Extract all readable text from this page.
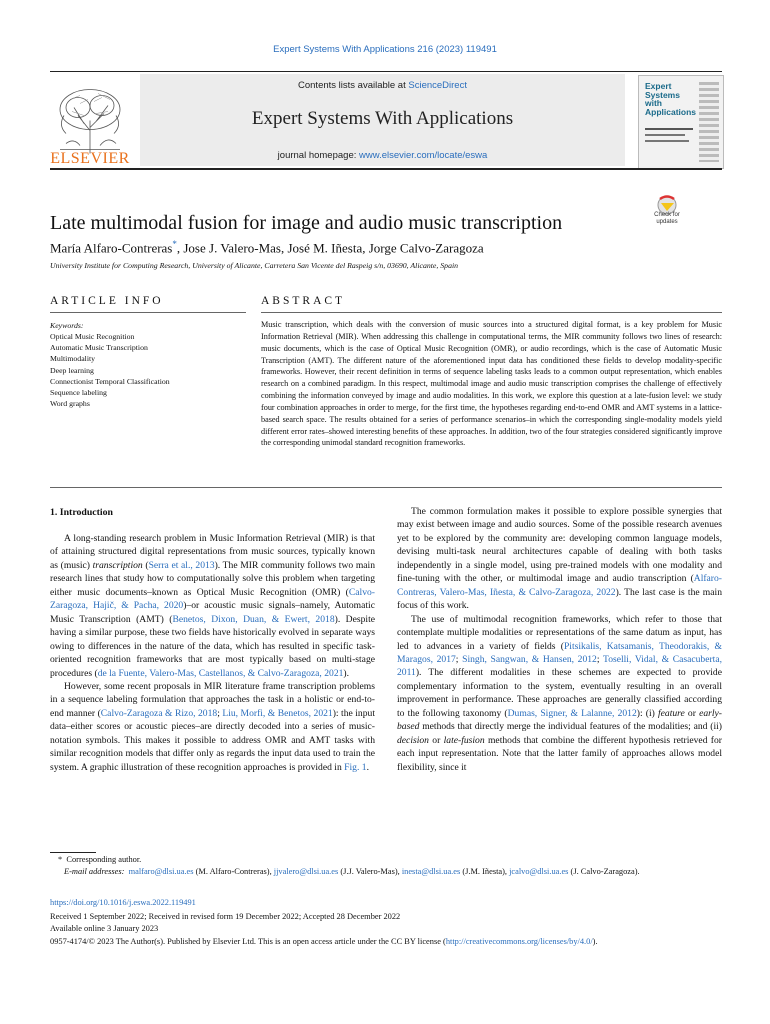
Expert Systems With Applications 216 (2023) 119491
ELSEVIER
Contents lists available at ScienceDirect
Expert Systems With Applications
journal homepage: www.elsevier.com/locate/eswa
Expert Systems with Applications
Check for updates
Late multimodal fusion for image and audio music transcription
María Alfaro-Contreras*, Jose J. Valero-Mas, José M. Iñesta, Jorge Calvo-Zaragoza
University Institute for Computing Research, University of Alicante, Carretera San Vicente del Raspeig s/n, 03690, Alicante, Spain
ARTICLE INFO	ABSTRACT
Keywords:
Optical Music Recognition
Automatic Music Transcription
Multimodality
Deep learning
Connectionist Temporal Classification
Sequence labeling
Word graphs
Music transcription, which deals with the conversion of music sources into a structured digital format, is a key problem for Music Information Retrieval (MIR). When addressing this challenge in computational terms, the MIR community follows two lines of research: music documents, which is the case of Optical Music Recognition (OMR), or audio recordings, which is the case of Automatic Music Transcription (AMT). The different nature of the aforementioned input data has conditioned these fields to develop modality-specific frameworks. However, their recent definition in terms of sequence labeling tasks leads to a common output representation, which enables research on a combined paradigm. In this respect, multimodal image and audio music transcription comprises the challenge of effectively combining the information conveyed by image and audio modalities. In this work, we explore this question at a late-fusion level: we study four combination approaches in order to merge, for the first time, the hypotheses regarding end-to-end OMR and AMT systems in a lattice-based search space. The results obtained for a series of performance scenarios–in which the corresponding single-modality models yield different error rates–showed interesting benefits of these approaches. In addition, two of the four strategies considered significantly improve the corresponding unimodal standard recognition frameworks.
1. Introduction

A long-standing research problem in Music Information Retrieval (MIR) is that of attaining structured digital representations from music sources, typically known as (music) transcription (Serra et al., 2013). The MIR community follows two main research lines that study how to computationally solve this problem when targeting either music documents–known as Optical Music Recognition (OMR) (Calvo-Zaragoza, Hajič, & Pacha, 2020)–or acoustic music signals–namely, Automatic Music Transcription (AMT) (Benetos, Dixon, Duan, & Ewert, 2018). Despite having a similar purpose, these two fields have historically evolved in separate ways owing to differences in the nature of the data, which has resulted in specific task-oriented recognition frameworks that are most typically based on multi-stage procedures (de la Fuente, Valero-Mas, Castellanos, & Calvo-Zaragoza, 2021).

However, some recent proposals in MIR literature frame transcription problems in a sequence labeling formulation that approaches the task in a holistic or end-to-end manner (Calvo-Zaragoza & Rizo, 2018; Liu, Morfi, & Benetos, 2021): the input data–either scores or acoustic pieces–are directly decoded into a series of music-notation symbols. This makes it possible to address OMR and AMT tasks with similar recognition models that differ only as regards the input data used to train the system. A graphic illustration of these recognition approaches is provided in Fig. 1.

The common formulation makes it possible to explore possible synergies that may exist between image and audio sources. Some of the possible research avenues yet to be explored by the community are: developing common language models, devising multi-task neural architectures capable of dealing with both tasks independently in a single model, using pre-trained models with one modality and fine-tuning with the other, or multimodal image and audio transcription (Alfaro-Contreras, Valero-Mas, Iñesta, & Calvo-Zaragoza, 2022). The last case is the main focus of this work.

The use of multimodal recognition frameworks, which refer to those that contemplate multiple modalities or representations of the same datum as input, has led to advances in a variety of fields (Pitsikalis, Katsamanis, Theodorakis, & Maragos, 2017; Singh, Sangwan, & Hansen, 2012; Toselli, Vidal, & Casacuberta, 2011). The different modalities in these schemes are expected to provide complementary information to the system, eventually resulting in an overall improvement in performance. These approaches are generally classified according to the following taxonomy (Dumas, Signer, & Lalanne, 2012): (i) feature or early-based methods that directly merge the individual features of the modalities; and (ii) decision or late-fusion methods that combine the different hypothesis retrieved for each input representation. Note that the latter family of approaches allows model flexibility, since it

* Corresponding author.
E-mail addresses: malfaro@dlsi.ua.es (M. Alfaro-Contreras), jjvalero@dlsi.ua.es (J.J. Valero-Mas), inesta@dlsi.ua.es (J.M. Iñesta), jcalvo@dlsi.ua.es (J. Calvo-Zaragoza).
https://doi.org/10.1016/j.eswa.2022.119491
Received 1 September 2022; Received in revised form 19 December 2022; Accepted 28 December 2022
Available online 3 January 2023
0957-4174/© 2023 The Author(s). Published by Elsevier Ltd. This is an open access article under the CC BY license (http://creativecommons.org/licenses/by/4.0/).
